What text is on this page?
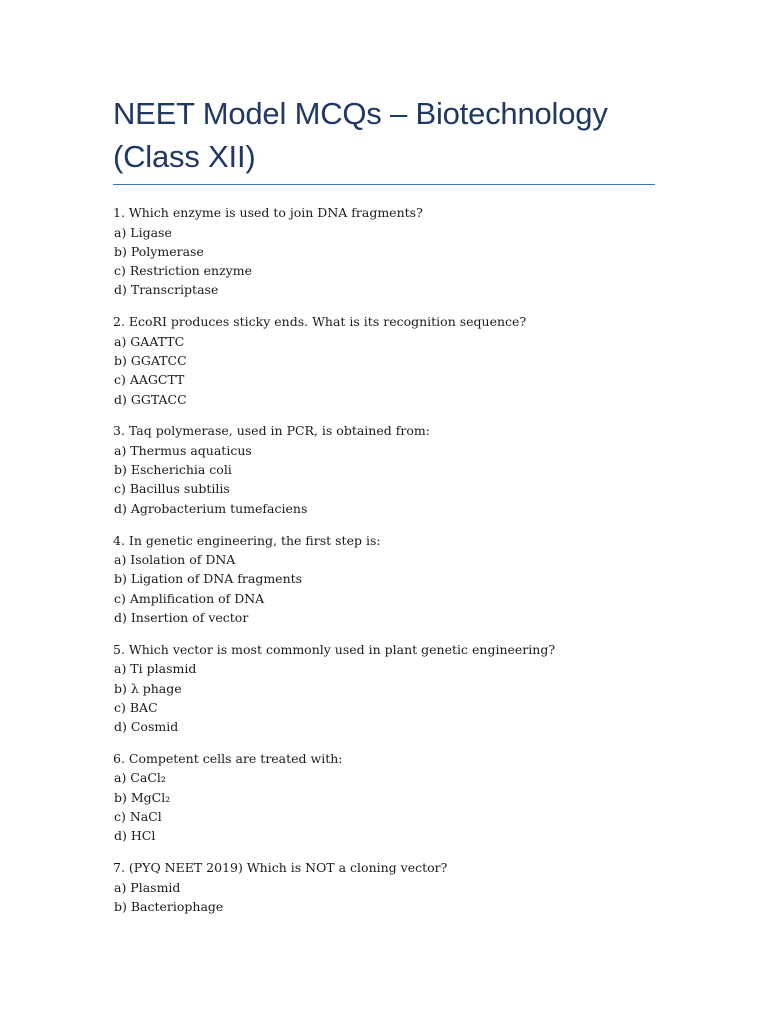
NEET Model MCQs – Biotechnology
(Class XII)
1. Which enzyme is used to join DNA fragments?
a) Ligase
b) Polymerase
c) Restriction enzyme
d) Transcriptase
2. EcoRI produces sticky ends. What is its recognition sequence?
a) GAATTC
b) GGATCC
c) AAGCTT
d) GGTACC
3. Taq polymerase, used in PCR, is obtained from:
a) Thermus aquaticus
b) Escherichia coli
c) Bacillus subtilis
d) Agrobacterium tumefaciens
4. In genetic engineering, the first step is:
a) Isolation of DNA
b) Ligation of DNA fragments
c) Amplification of DNA
d) Insertion of vector
5. Which vector is most commonly used in plant genetic engineering?
a) Ti plasmid
b) λ phage
c) BAC
d) Cosmid
6. Competent cells are treated with:
a) CaCl₂
b) MgCl₂
c) NaCl
d) HCl
7. (PYQ NEET 2019) Which is NOT a cloning vector?
a) Plasmid
b) Bacteriophage
